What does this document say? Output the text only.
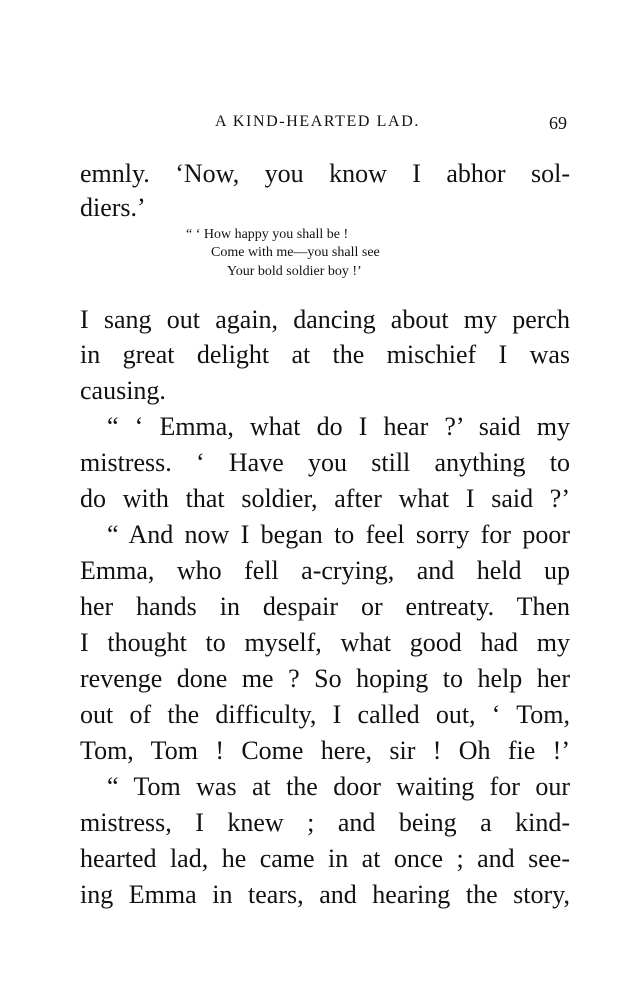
A KIND-HEARTED LAD.	69
emnly. ‘Now, you know I abhor sol-
diers.’
“ ‘ How happy you shall be !
Come with me—you shall see
Your bold soldier boy !’
I sang out again, dancing about my perch
in great delight at the mischief I was
causing.
“ ‘ Emma, what do I hear ?’ said my
mistress. ‘ Have you still anything to
do with that soldier, after what I said ?’
“ And now I began to feel sorry for poor
Emma, who fell a-crying, and held up
her hands in despair or entreaty. Then
I thought to myself, what good had my
revenge done me ? So hoping to help her
out of the difficulty, I called out, ‘ Tom,
Tom, Tom ! Come here, sir ! Oh fie !’
“ Tom was at the door waiting for our
mistress, I knew ; and being a kind-
hearted lad, he came in at once ; and see-
ing Emma in tears, and hearing the story,
